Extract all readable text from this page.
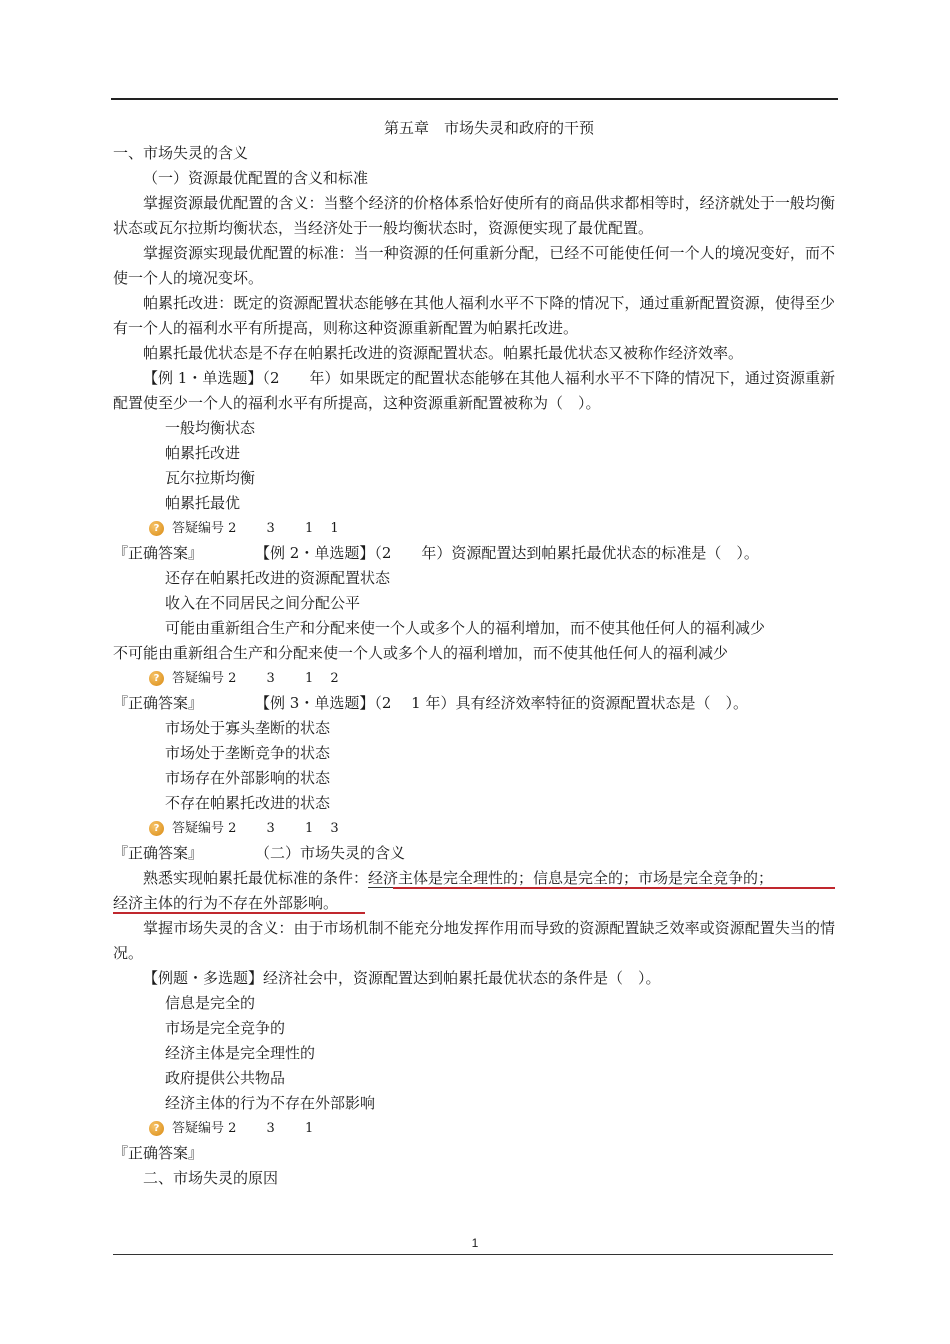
第五章　市场失灵和政府的干预
一、市场失灵的含义
（一）资源最优配置的含义和标准
掌握资源最优配置的含义：当整个经济的价格体系恰好使所有的商品供求都相等时，经济就处于一般均衡状态或瓦尔拉斯均衡状态，当经济处于一般均衡状态时，资源便实现了最优配置。
掌握资源实现最优配置的标准：当一种资源的任何重新分配，已经不可能使任何一个人的境况变好，而不使一个人的境况变坏。
帕累托改进：既定的资源配置状态能够在其他人福利水平不下降的情况下，通过重新配置资源，使得至少有一个人的福利水平有所提高，则称这种资源重新配置为帕累托改进。
帕累托最优状态是不存在帕累托改进的资源配置状态。帕累托最优状态又被称作经济效率。
【例 1・单选题】（2　　年）如果既定的配置状态能够在其他人福利水平不下降的情况下，通过资源重新配置使至少一个人的福利水平有所提高，这种资源重新配置被称为（　）。
一般均衡状态
帕累托改进
瓦尔拉斯均衡
帕累托最优
? 答疑编号 2　　 3　　 1　 1
『正确答案』	【例 2・单选题】（2　　年）资源配置达到帕累托最优状态的标准是（　）。
还存在帕累托改进的资源配置状态
收入在不同居民之间分配公平
可能由重新组合生产和分配来使一个人或多个人的福利增加，而不使其他任何人的福利减少
不可能由重新组合生产和分配来使一个人或多个人的福利增加，而不使其他任何人的福利减少
? 答疑编号 2　　 3　　 1　 2
『正确答案』	【例 3・单选题】（2　 1 年）具有经济效率特征的资源配置状态是（　）。
市场处于寡头垄断的状态
市场处于垄断竞争的状态
市场存在外部影响的状态
不存在帕累托改进的状态
? 答疑编号 2　　 3　　 1　 3
『正确答案』	（二）市场失灵的含义
熟悉实现帕累托最优标准的条件：经济主体是完全理性的；信息是完全的；市场是完全竞争的；
经济主体的行为不存在外部影响。
掌握市场失灵的含义：由于市场机制不能充分地发挥作用而导致的资源配置缺乏效率或资源配置失当的情况。
【例题・多选题】经济社会中，资源配置达到帕累托最优状态的条件是（　）。
信息是完全的
市场是完全竞争的
经济主体是完全理性的
政府提供公共物品
经济主体的行为不存在外部影响
? 答疑编号 2　　 3　　 1
『正确答案』
二、市场失灵的原因
1
